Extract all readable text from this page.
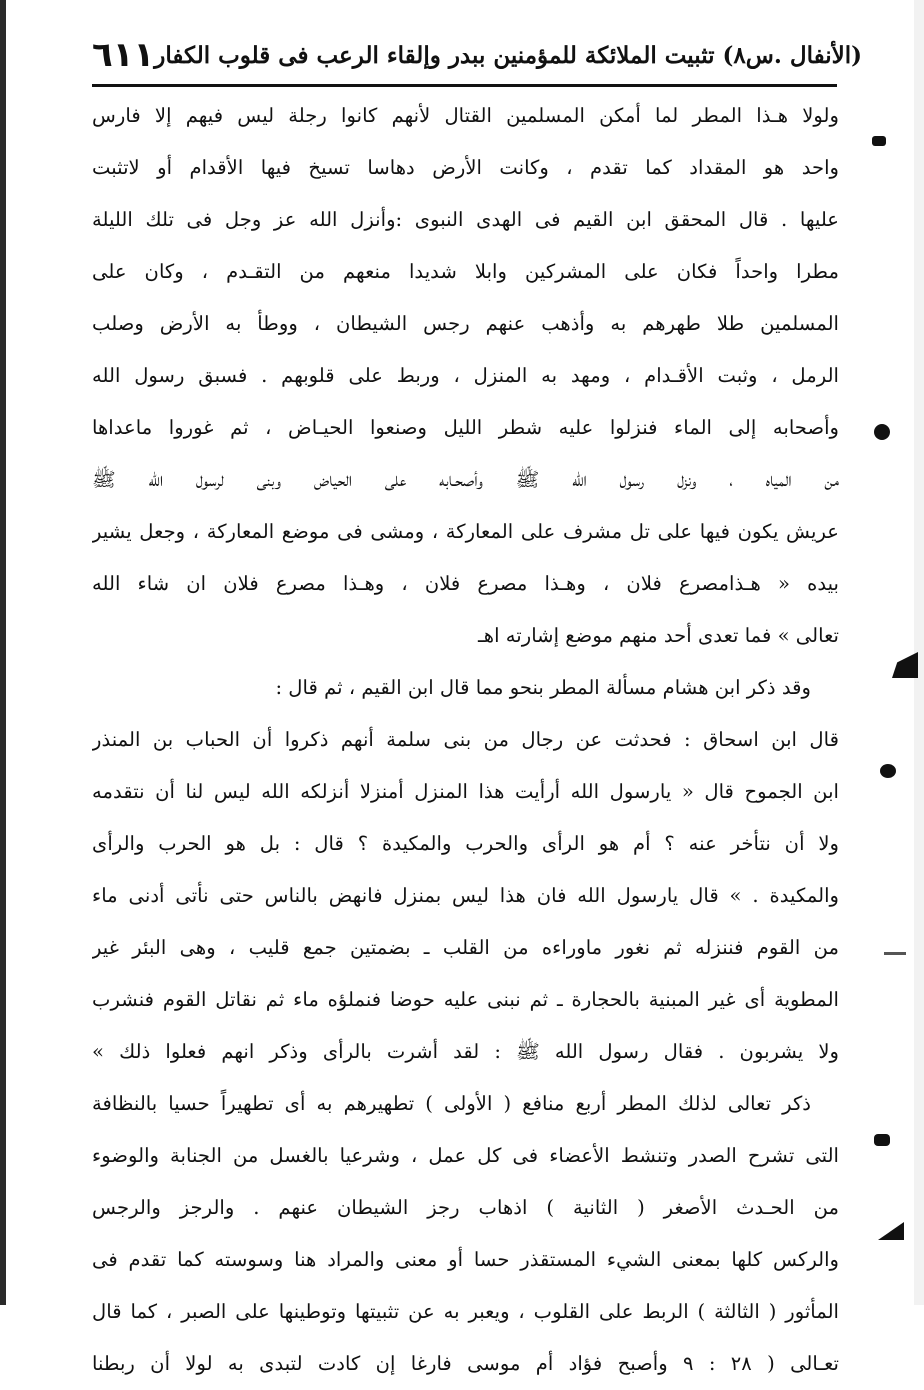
٦١١ (الأنفال .س٨) تثبيت الملائكة للمؤمنين ببدر وإلقاء الرعب فى قلوب الكفار
ولولا هـذا المطر لما أمكن المسلمين القتال لأنهم كانوا رجلة ليس فيهم إلا فارس
واحد هو المقداد كما تقدم ، وكانت الأرض دهاسا تسيخ فيها الأقدام أو لاتثبت
عليها . قال المحقق ابن القيم فى الهدى النبوى :وأنزل الله عز وجل فى تلك الليلة
مطرا واحداً فكان على المشركين وابلا شديدا منعهم من التقـدم ، وكان على
المسلمين طلا طهرهم به وأذهب عنهم رجس الشيطان ، ووطأ به الأرض وصلب
الرمل ، وثبت الأقـدام ، ومهد به المنزل ، وربط على قلوبهم . فسبق رسول الله
وأصحابه إلى الماء فنزلوا عليه شطر الليل وصنعوا الحيـاض ، ثم غوروا ماعداها
من المياه ، ونزل رسول الله ﷺ وأصحـابه على الحياض وبنى لرسول الله ﷺ
عريش يكون فيها على تل مشرف على المعاركة ، ومشى فى موضع المعاركة ، وجعل يشير
بيده « هـذامصرع فلان ، وهـذا مصرع فلان ، وهـذا مصرع فلان ان شاء الله
تعالى » فما تعدى أحد منهم موضع إشارته اهـ
وقد ذكر ابن هشام مسألة المطر بنحو مما قال ابن القيم ، ثم قال :
قال ابن اسحاق : فحدثت عن رجال من بنى سلمة أنهم ذكروا أن الحباب بن المنذر
ابن الجموح قال « يارسول الله أرأيت هذا المنزل أمنزلا أنزلكه الله ليس لنا أن نتقدمه
ولا أن نتأخر عنه ؟ أم هو الرأى والحرب والمكيدة ؟ قال : بل هو الحرب والرأى
والمكيدة . » قال يارسول الله فان هذا ليس بمنزل فانهض بالناس حتى نأتى أدنى ماء
من القوم فننزله ثم نغور ماوراءه من القلب ـ بضمتين جمع قليب ، وهى البئر غير
المطوية أى غير المبنية بالحجارة ـ ثم نبنى عليه حوضا فنملؤه ماء ثم نقاتل القوم فنشرب
ولا يشربون . فقال رسول الله ﷺ : لقد أشرت بالرأى وذكر انهم فعلوا ذلك »
ذكر تعالى لذلك المطر أربع منافع ( الأولى ) تطهيرهم به أى تطهيراً حسيا بالنظافة
التى تشرح الصدر وتنشط الأعضاء فى كل عمل ، وشرعيا بالغسل من الجنابة والوضوء
من الحـدث الأصغر ( الثانية ) اذهاب رجز الشيطان عنهم . والرجز والرجس
والركس كلها بمعنى الشيء المستقذر حسا أو معنى والمراد هنا وسوسته كما تقدم فى
المأثور ( الثالثة ) الربط على القلوب ، ويعبر به عن تثبيتها وتوطينها على الصبر ، كما قال
تعـالى ( ٢٨ : ٩ وأصبح فؤاد أم موسى فارغا إن كادت لتبدى به لولا أن ربطنا
